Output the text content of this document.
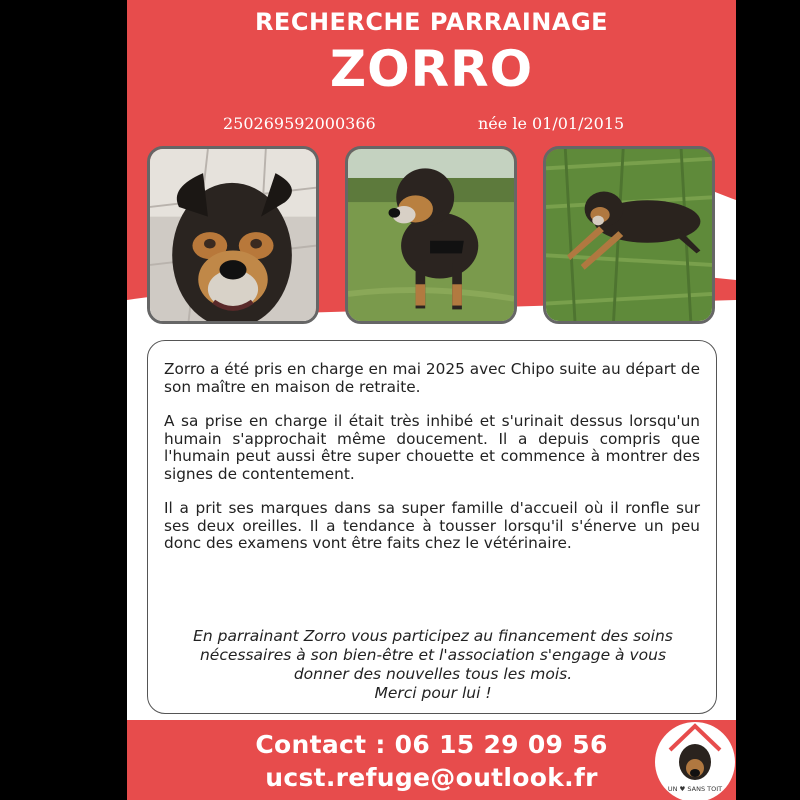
RECHERCHE PARRAINAGE
ZORRO
250269592000366	née le 01/01/2015

Zorro a été pris en charge en mai 2025 avec Chipo suite au départ de son maître en maison de retraite.

A sa prise en charge il était très inhibé et s'urinait dessus lorsqu'un humain s'approchait même doucement. Il a depuis compris que l'humain peut aussi être super chouette et commence à montrer des signes de contentement.

Il a prit ses marques dans sa super famille d'accueil où il ronfle sur ses deux oreilles. Il a tendance à tousser lorsqu'il s'énerve un peu donc des examens vont être faits chez le vétérinaire.

En parrainant Zorro vous participez au financement des soins
nécessaires à son bien-être et l'association s'engage à vous
donner des nouvelles tous les mois.
Merci pour lui !
Contact : 06 15 29 09 56
ucst.refuge@outlook.fr	UN ♥ SANS TOIT
